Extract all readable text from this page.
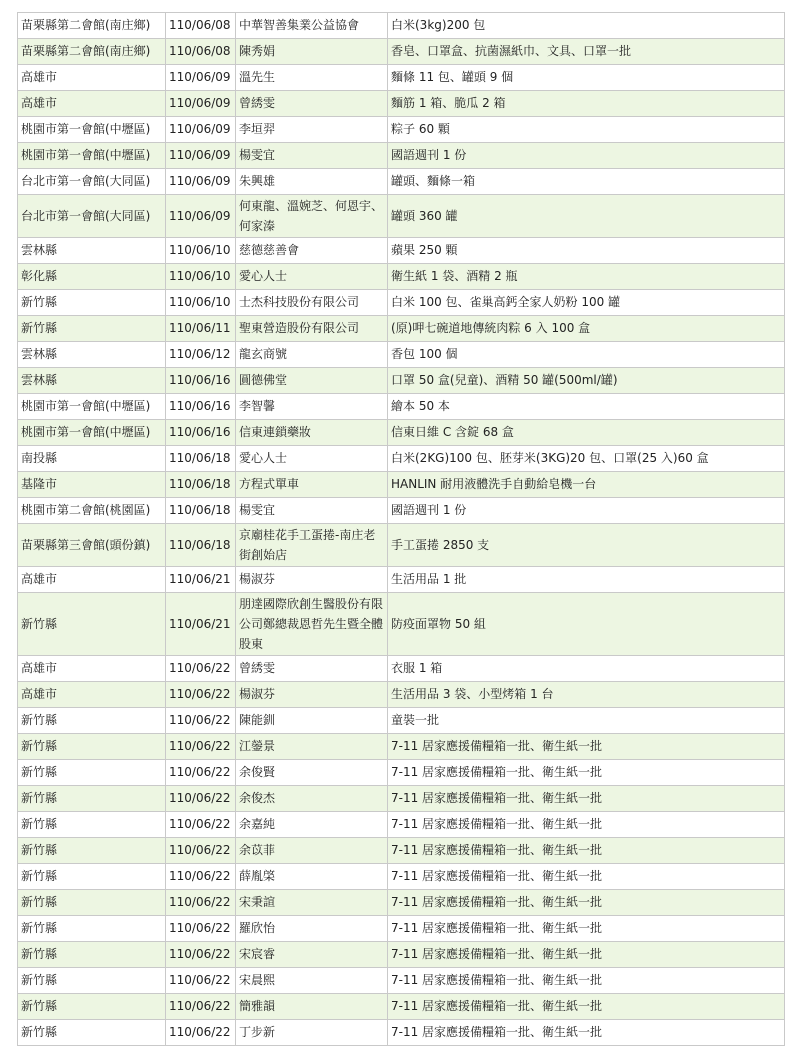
苗栗縣第二會館(南庄鄉)	110/06/08	中華智善集業公益協會	白米(3kg)200 包
苗栗縣第二會館(南庄鄉)	110/06/08	陳秀娟	香皂、口罩盒、抗菌濕紙巾、文具、口罩一批
高雄市	110/06/09	溫先生	麵條 11 包、罐頭 9 個
高雄市	110/06/09	曾綉雯	麵筋 1 箱、脆瓜 2 箱
桃園市第一會館(中壢區)	110/06/09	李垣羿	粽子 60 顆
桃園市第一會館(中壢區)	110/06/09	楊雯宜	國語週刊 1 份
台北市第一會館(大同區)	110/06/09	朱興雄	罐頭、麵條一箱
台北市第一會館(大同區)	110/06/09	何東龍、溫婉芝、何恩宇、何家溱	罐頭 360 罐
雲林縣	110/06/10	慈德慈善會	蘋果 250 顆
彰化縣	110/06/10	愛心人士	衛生紙 1 袋、酒精 2 瓶
新竹縣	110/06/10	士杰科技股份有限公司	白米 100 包、雀巢高鈣全家人奶粉 100 罐
新竹縣	110/06/11	聖東營造股份有限公司	(原)呷七碗道地傳統肉粽 6 入 100 盒
雲林縣	110/06/12	龍玄商號	香包 100 個
雲林縣	110/06/16	圓德佛堂	口罩 50 盒(兒童)、酒精 50 罐(500ml/罐)
桃園市第一會館(中壢區)	110/06/16	李智馨	繪本 50 本
桃園市第一會館(中壢區)	110/06/16	信東連鎖藥妝	信東日維 C 含錠 68 盒
南投縣	110/06/18	愛心人士	白米(2KG)100 包、胚芽米(3KG)20 包、口罩(25 入)60 盒
基隆市	110/06/18	方程式單車	HANLIN 耐用液體洗手自動給皂機一台
桃園市第二會館(桃園區)	110/06/18	楊雯宜	國語週刊 1 份
苗栗縣第三會館(頭份鎮)	110/06/18	京廟桂花手工蛋捲-南庄老街創始店	手工蛋捲 2850 支
高雄市	110/06/21	楊淑芬	生活用品 1 批
新竹縣	110/06/21	朋達國際欣創生醫股份有限公司鄭總裁恩哲先生暨全體股東	防疫面罩物 50 組
高雄市	110/06/22	曾綉雯	衣服 1 箱
高雄市	110/06/22	楊淑芬	生活用品 3 袋、小型烤箱 1 台
新竹縣	110/06/22	陳能釧	童裝一批
新竹縣	110/06/22	江鎣景	7-11 居家應援備糧箱一批、衛生紙一批
新竹縣	110/06/22	余俊賢	7-11 居家應援備糧箱一批、衛生紙一批
新竹縣	110/06/22	余俊杰	7-11 居家應援備糧箱一批、衛生紙一批
新竹縣	110/06/22	余嘉純	7-11 居家應援備糧箱一批、衛生紙一批
新竹縣	110/06/22	余苡菲	7-11 居家應援備糧箱一批、衛生紙一批
新竹縣	110/06/22	薛胤棨	7-11 居家應援備糧箱一批、衛生紙一批
新竹縣	110/06/22	宋秉諠	7-11 居家應援備糧箱一批、衛生紙一批
新竹縣	110/06/22	羅欣怡	7-11 居家應援備糧箱一批、衛生紙一批
新竹縣	110/06/22	宋宸睿	7-11 居家應援備糧箱一批、衛生紙一批
新竹縣	110/06/22	宋晨熙	7-11 居家應援備糧箱一批、衛生紙一批
新竹縣	110/06/22	簡雅韻	7-11 居家應援備糧箱一批、衛生紙一批
新竹縣	110/06/22	丁步新	7-11 居家應援備糧箱一批、衛生紙一批
